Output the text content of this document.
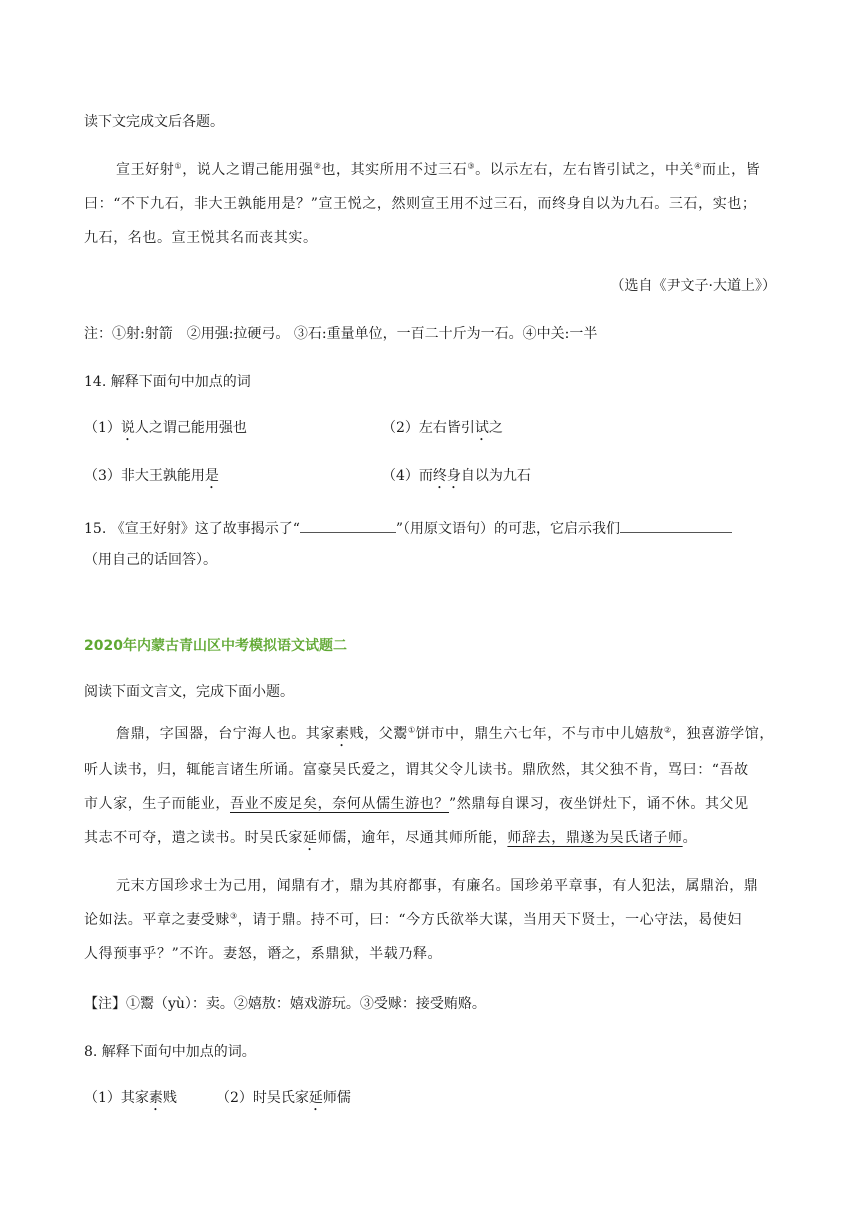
读下文完成文后各题。
宣王好射①，说人之谓己能用强②也，其实所用不过三石③。以示左右，左右皆引试之，中关④而止，皆
曰：“不下九石，非大王孰能用是？”宣王悦之，然则宣王用不过三石，而终身自以为九石。三石，实也；
九石，名也。宣王悦其名而丧其实。
（选自《尹文子·大道上》）
注：①射:射箭　②用强:拉硬弓。 ③石:重量单位，一百二十斤为一石。④中关:一半
14. 解释下面句中加点的词
（1）说人之谓己能用强也	（2）左右皆引试之
（3）非大王孰能用是	（4）而终身自以为九石
15. 《宣王好射》这了故事揭示了“	”（用原文语句）的可悲，它启示我们
（用自己的话回答）。
2020年内蒙古青山区中考模拟语文试题二
阅读下面文言文，完成下面小题。
詹鼎，字国器，台宁海人也。其家素贱，父鬻①饼市中，鼎生六七年，不与市中儿嬉敖②，独喜游学馆，
听人读书，归，辄能言诸生所诵。富豪吴氏爱之，谓其父令儿读书。鼎欣然，其父独不肯，骂曰：“吾故
市人家，生子而能业，吾业不废足矣，奈何从儒生游也？”然鼎每自课习，夜坐饼灶下，诵不休。其父见
其志不可夺，遣之读书。时吴氏家延师儒，逾年，尽通其师所能，师辞去，鼎遂为吴氏诸子师。
元末方国珍求士为己用，闻鼎有才，鼎为其府都事，有廉名。国珍弟平章事，有人犯法，属鼎治，鼎
论如法。平章之妻受赇③，请于鼎。持不可，曰：“今方氏欲举大谋，当用天下贤士，一心守法，曷使妇
人得预事乎？”不许。妻怒，谮之，系鼎狱，半载乃释。
【注】①鬻（yù）：卖。②嬉敖：嬉戏游玩。③受赇：接受贿赂。
8. 解释下面句中加点的词。
（1）其家素贱	（2）时吴氏家延师儒
